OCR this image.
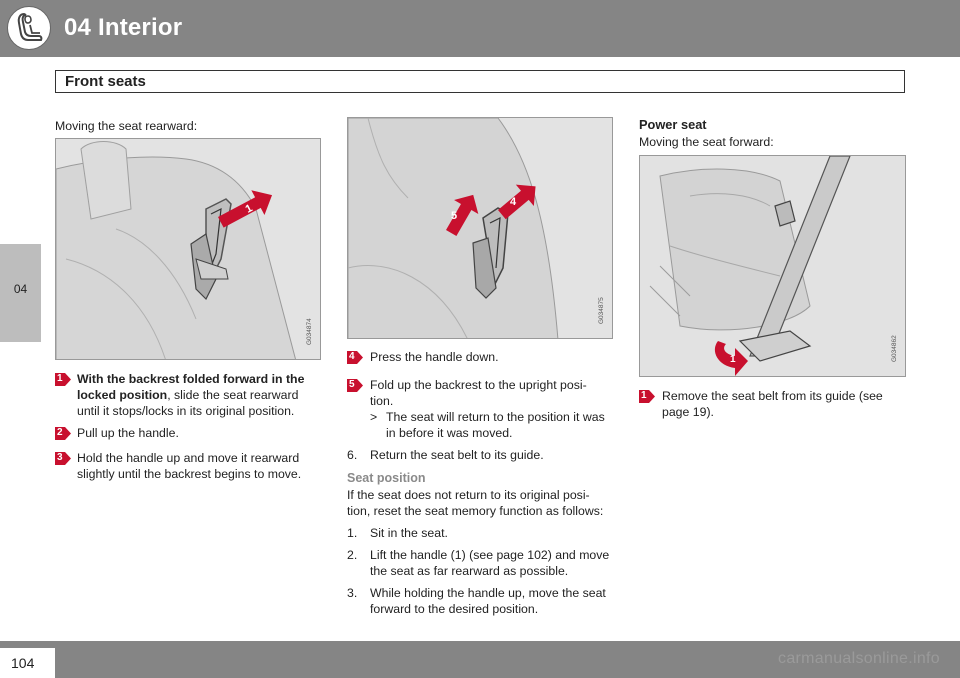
04 Interior
Front seats
04
Moving the seat rearward:
G034874
1
1 With the backrest folded forward in the locked position, slide the seat rearward
until it stops/locks in its original position.
2 Pull up the handle.
3 Hold the handle up and move it rearward
slightly until the backrest begins to move.
G034875
5
4
4 Press the handle down.
5 Fold up the backrest to the upright posi-
tion.
> The seat will return to the position it was
in before it was moved.
6. Return the seat belt to its guide.
Seat position
If the seat does not return to its original posi-
tion, reset the seat memory function as follows:
1. Sit in the seat.
2. Lift the handle (1) (see page 102) and move
the seat as far rearward as possible.
3. While holding the handle up, move the seat
forward to the desired position.
Power seat
Moving the seat forward:
G034862
1
1 Remove the seat belt from its guide (see
page 19).
104	carmanualsonline.info
